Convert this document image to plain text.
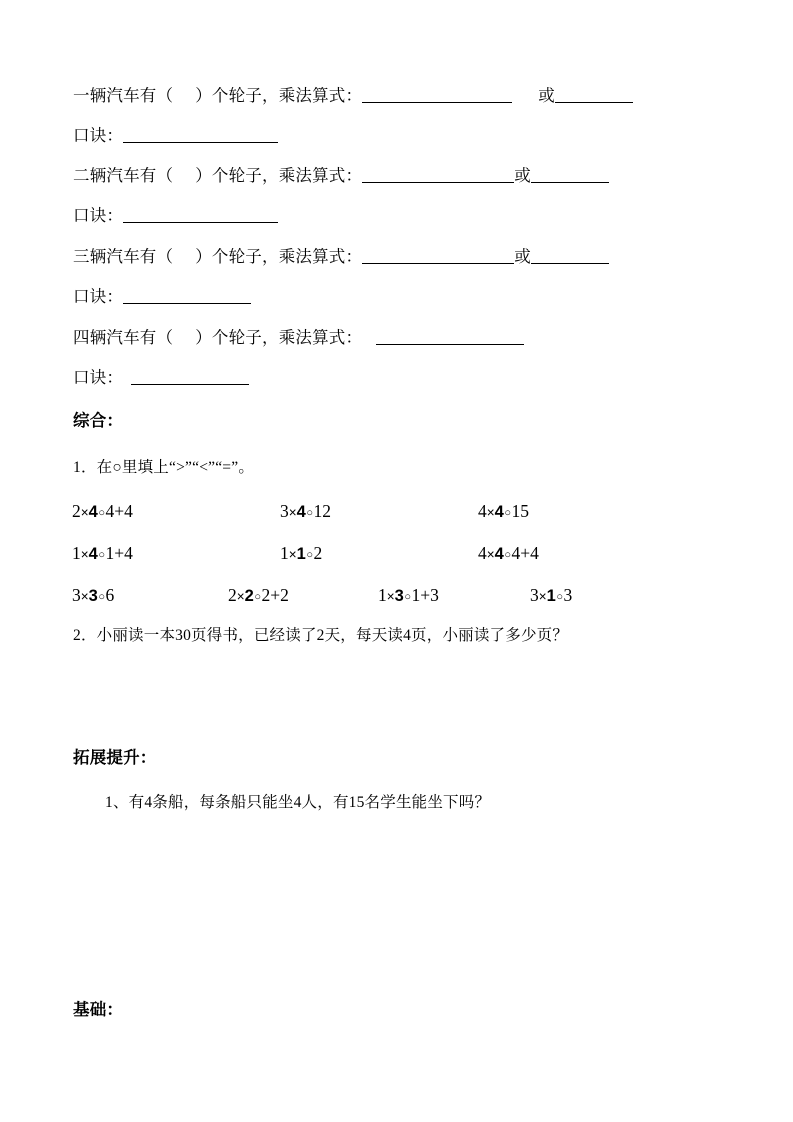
一辆汽车有（ ）个轮子，乘法算式：	或
口诀：
二辆汽车有（ ）个轮子，乘法算式：	或
口诀：
三辆汽车有（ ）个轮子，乘法算式：	或
口诀：
四辆汽车有（ ）个轮子，乘法算式：
口诀：
综合：
1．在○里填上“>”“<”“=”。
2×4○4+4	3×4○12	4×4○15
1×4○1+4	1×1○2	4×4○4+4
3×3○6	2×2○2+2	1×3○1+3	3×1○3
2．小丽读一本30页得书，已经读了2天，每天读4页，小丽读了多少页？
拓展提升：
1、有4条船，每条船只能坐4人，有15名学生能坐下吗？
基础：
